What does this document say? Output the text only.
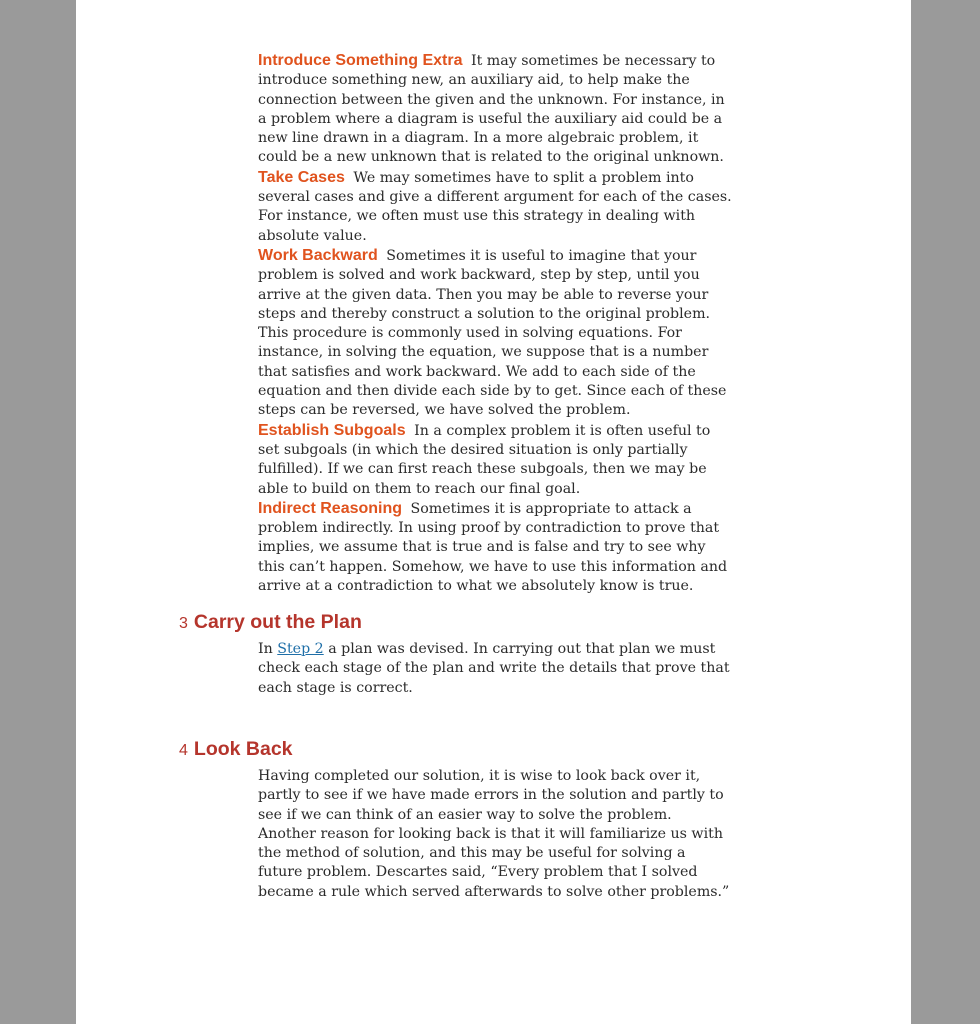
Introduce Something Extra It may sometimes be necessary to introduce something new, an auxiliary aid, to help make the connection between the given and the unknown. For instance, in a problem where a diagram is useful the auxiliary aid could be a new line drawn in a diagram. In a more algebraic problem, it could be a new unknown that is related to the original unknown.

Take Cases We may sometimes have to split a problem into several cases and give a different argument for each of the cases. For instance, we often must use this strategy in dealing with absolute value.

Work Backward Sometimes it is useful to imagine that your problem is solved and work backward, step by step, until you arrive at the given data. Then you may be able to reverse your steps and thereby construct a solution to the original problem. This procedure is commonly used in solving equations. For instance, in solving the equation, we suppose that is a number that satisfies and work backward. We add to each side of the equation and then divide each side by to get. Since each of these steps can be reversed, we have solved the problem.

Establish Subgoals In a complex problem it is often useful to set subgoals (in which the desired situation is only partially fulfilled). If we can first reach these subgoals, then we may be able to build on them to reach our final goal.

Indirect Reasoning Sometimes it is appropriate to attack a problem indirectly. In using proof by contradiction to prove that implies, we assume that is true and is false and try to see why this can’t happen. Somehow, we have to use this information and arrive at a contradiction to what we absolutely know is true.

3 Carry out the Plan
In Step 2 a plan was devised. In carrying out that plan we must check each stage of the plan and write the details that prove that each stage is correct.
4 Look Back
Having completed our solution, it is wise to look back over it, partly to see if we have made errors in the solution and partly to see if we can think of an easier way to solve the problem. Another reason for looking back is that it will familiarize us with the method of solution, and this may be useful for solving a future problem. Descartes said, “Every problem that I solved became a rule which served afterwards to solve other problems.”
